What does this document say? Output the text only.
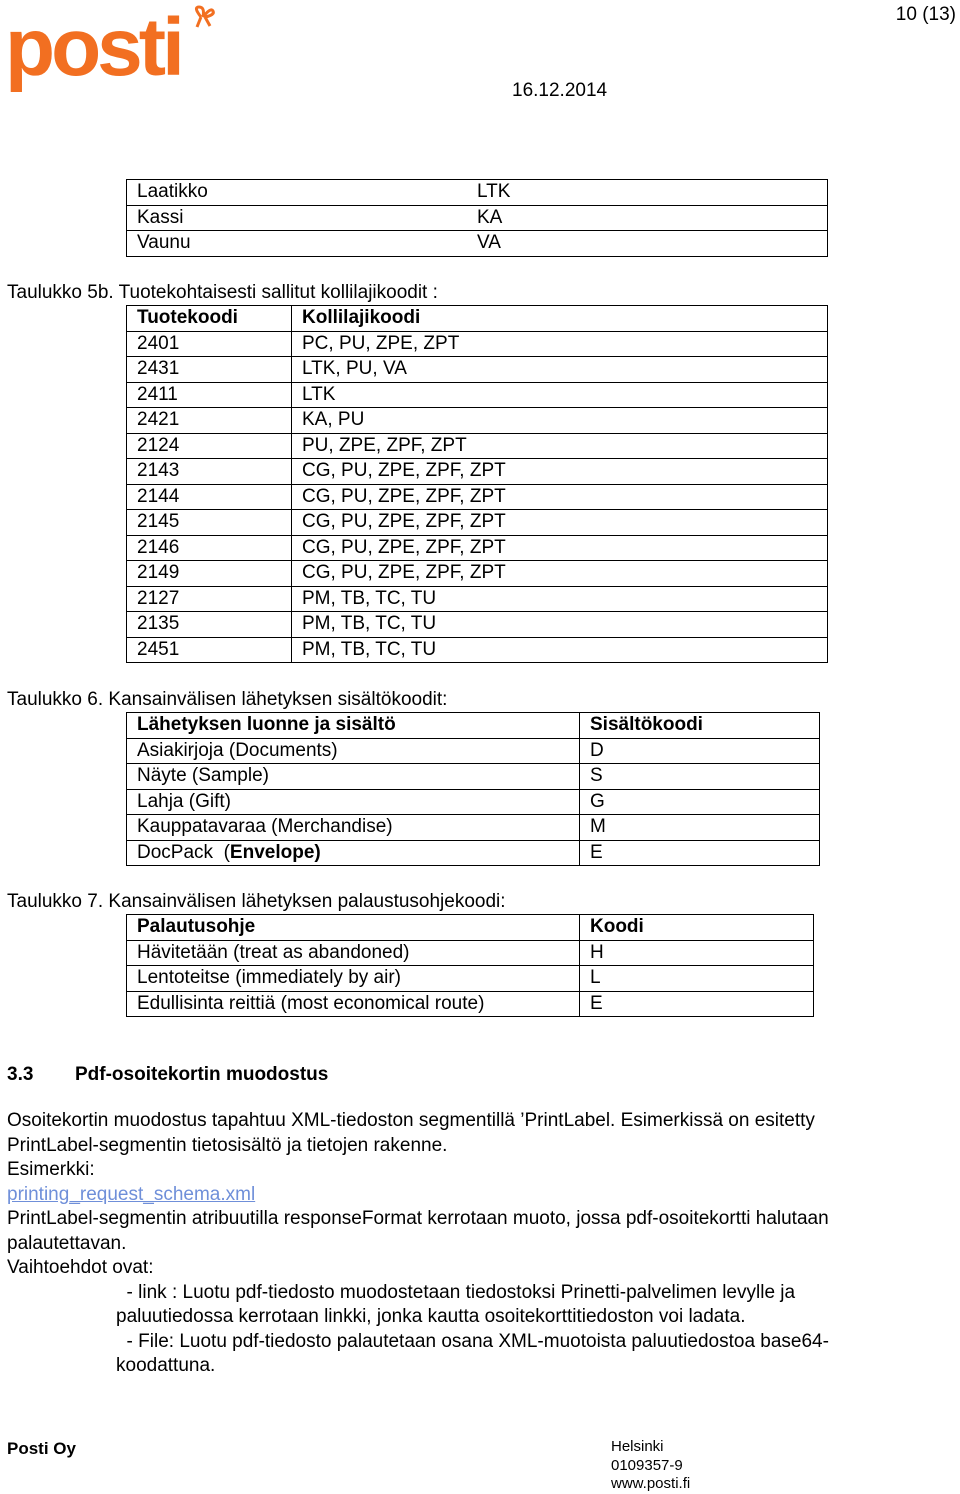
posti	10 (13)
16.12.2014
Laatikko	LTK
Kassi	KA
Vaunu	VA
Taulukko 5b. Tuotekohtaisesti sallitut kollilajikoodit :
Tuotekoodi	Kollilajikoodi
2401	PC, PU, ZPE, ZPT
2431	LTK, PU, VA
2411	LTK
2421	KA, PU
2124	PU, ZPE, ZPF, ZPT
2143	CG, PU, ZPE, ZPF, ZPT
2144	CG, PU, ZPE, ZPF, ZPT
2145	CG, PU, ZPE, ZPF, ZPT
2146	CG, PU, ZPE, ZPF, ZPT
2149	CG, PU, ZPE, ZPF, ZPT
2127	PM, TB, TC, TU
2135	PM, TB, TC, TU
2451	PM, TB, TC, TU
Taulukko 6. Kansainvälisen lähetyksen sisältökoodit:
Lähetyksen luonne ja sisältö	Sisältökoodi
Asiakirjoja (Documents)	D
Näyte (Sample)	S
Lahja (Gift)	G
Kauppatavaraa (Merchandise)	M
DocPack  (Envelope)	E
Taulukko 7. Kansainvälisen lähetyksen palaustusohjekoodi:
Palautusohje	Koodi
Hävitetään (treat as abandoned)	H
Lentoteitse (immediately by air)	L
Edullisinta reittiä (most economical route)	E
3.3 Pdf-osoitekortin muodostus
Osoitekortin muodostus tapahtuu XML-tiedoston segmentillä ’PrintLabel. Esimerkissä on esitetty
PrintLabel-segmentin tietosisältö ja tietojen rakenne.
Esimerkki:
printing_request_schema.xml
PrintLabel-segmentin atribuutilla responseFormat kerrotaan muoto, jossa pdf-osoitekortti halutaan
palautettavan.
Vaihtoehdot ovat:
- link : Luotu pdf-tiedosto muodostetaan tiedostoksi Prinetti-palvelimen levylle ja
paluutiedossa kerrotaan linkki, jonka kautta osoitekorttitiedoston voi ladata.
- File: Luotu pdf-tiedosto palautetaan osana XML-muotoista paluutiedostoa base64-
koodattuna.
Posti Oy	Helsinki
0109357-9
www.posti.fi
